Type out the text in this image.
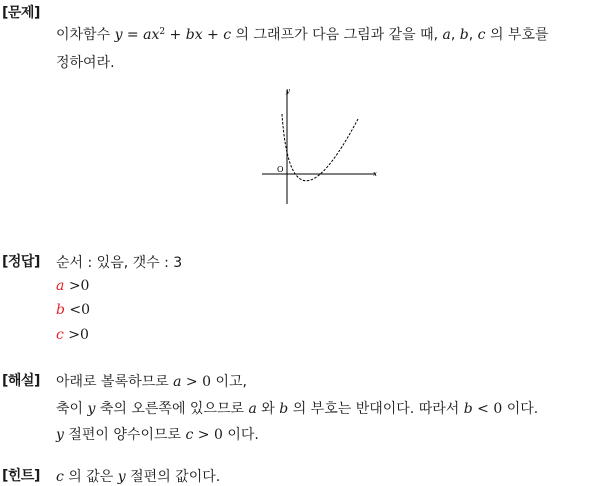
[문제]
이차함수 $y = ax^2$ + bx + c 의 그래프가 다음 그림과 같을 때, a, b, c 의 부호를
정하여라.
y
x
O
[정답] 순서 : 있음, 갯수 : 3
a >0
b <0
c >0
[해설] 아래로 볼록하므로 a > 0 이고,
축이 y 축의 오른쪽에 있으므로 a 와 b 의 부호는 반대이다. 따라서 b < 0 이다.
y 절편이 양수이므로 c > 0 이다.
[힌트] c 의 값은 y 절편의 값이다.
